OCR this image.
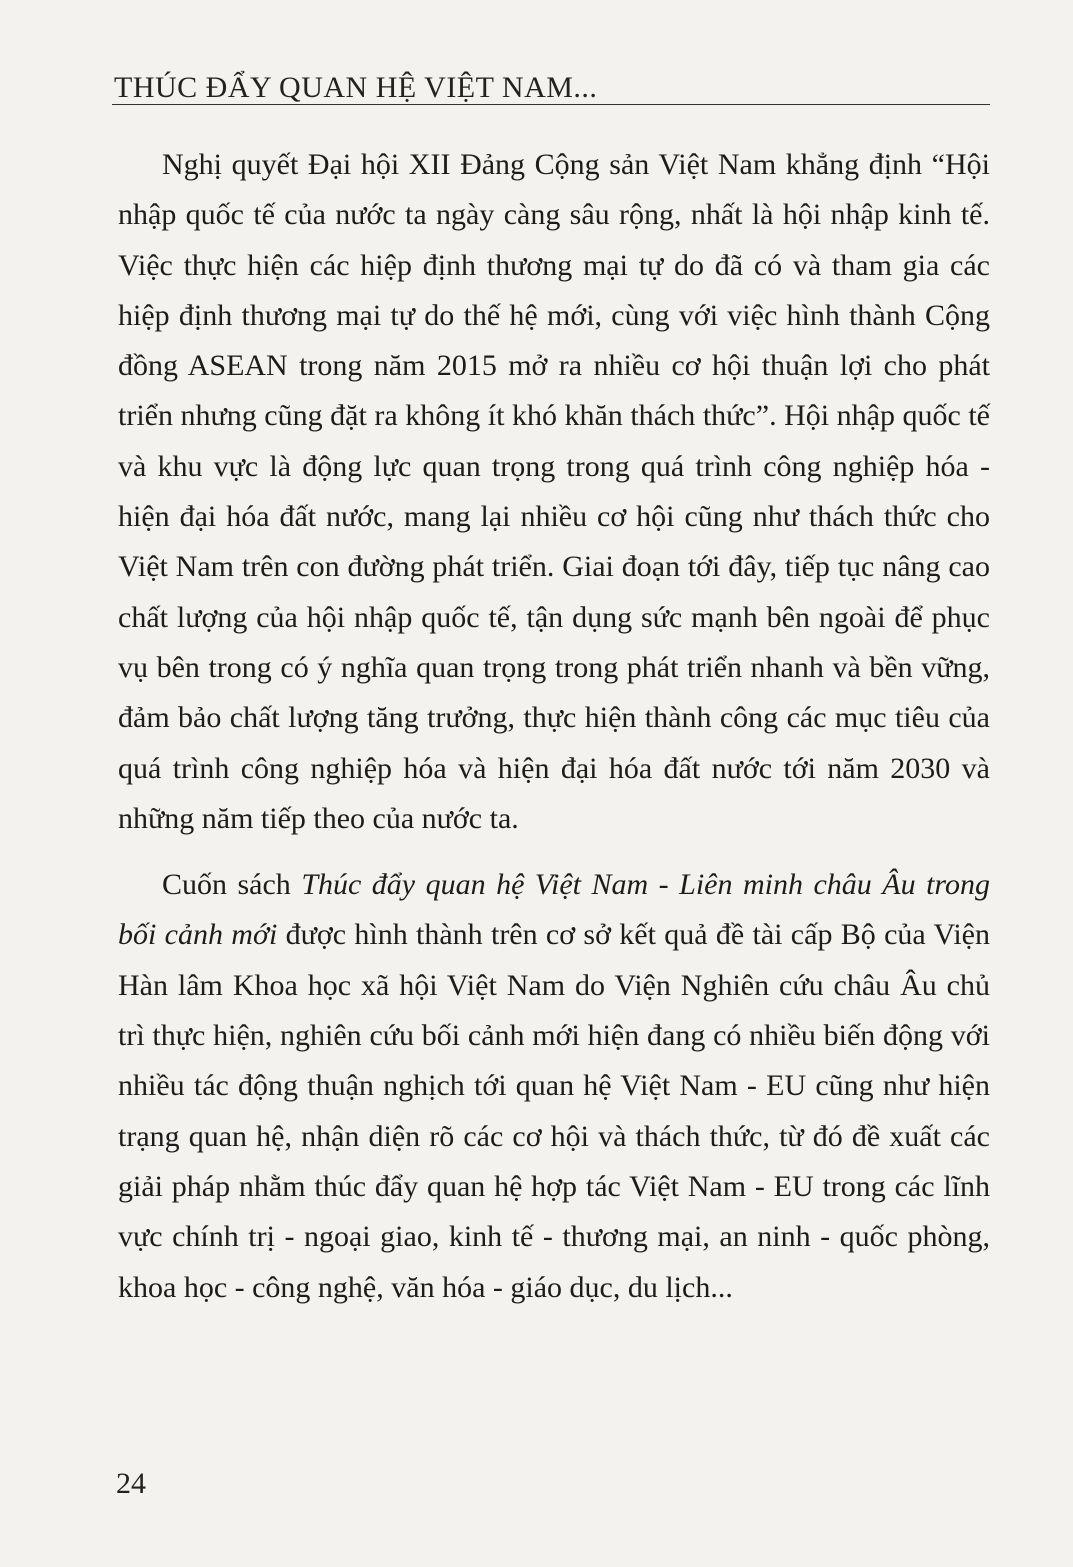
THÚC ĐẨY QUAN HỆ VIỆT NAM...

Nghị quyết Đại hội XII Đảng Cộng sản Việt Nam khẳng định “Hội nhập quốc tế của nước ta ngày càng sâu rộng, nhất là hội nhập kinh tế. Việc thực hiện các hiệp định thương mại tự do đã có và tham gia các hiệp định thương mại tự do thế hệ mới, cùng với việc hình thành Cộng đồng ASEAN trong năm 2015 mở ra nhiều cơ hội thuận lợi cho phát triển nhưng cũng đặt ra không ít khó khăn thách thức”. Hội nhập quốc tế và khu vực là động lực quan trọng trong quá trình công nghiệp hóa - hiện đại hóa đất nước, mang lại nhiều cơ hội cũng như thách thức cho Việt Nam trên con đường phát triển. Giai đoạn tới đây, tiếp tục nâng cao chất lượng của hội nhập quốc tế, tận dụng sức mạnh bên ngoài để phục vụ bên trong có ý nghĩa quan trọng trong phát triển nhanh và bền vững, đảm bảo chất lượng tăng trưởng, thực hiện thành công các mục tiêu của quá trình công nghiệp hóa và hiện đại hóa đất nước tới năm 2030 và những năm tiếp theo của nước ta.

Cuốn sách Thúc đẩy quan hệ Việt Nam - Liên minh châu Âu trong bối cảnh mới được hình thành trên cơ sở kết quả đề tài cấp Bộ của Viện Hàn lâm Khoa học xã hội Việt Nam do Viện Nghiên cứu châu Âu chủ trì thực hiện, nghiên cứu bối cảnh mới hiện đang có nhiều biến động với nhiều tác động thuận nghịch tới quan hệ Việt Nam - EU cũng như hiện trạng quan hệ, nhận diện rõ các cơ hội và thách thức, từ đó đề xuất các giải pháp nhằm thúc đẩy quan hệ hợp tác Việt Nam - EU trong các lĩnh vực chính trị - ngoại giao, kinh tế - thương mại, an ninh - quốc phòng, khoa học - công nghệ, văn hóa - giáo dục, du lịch...

24
